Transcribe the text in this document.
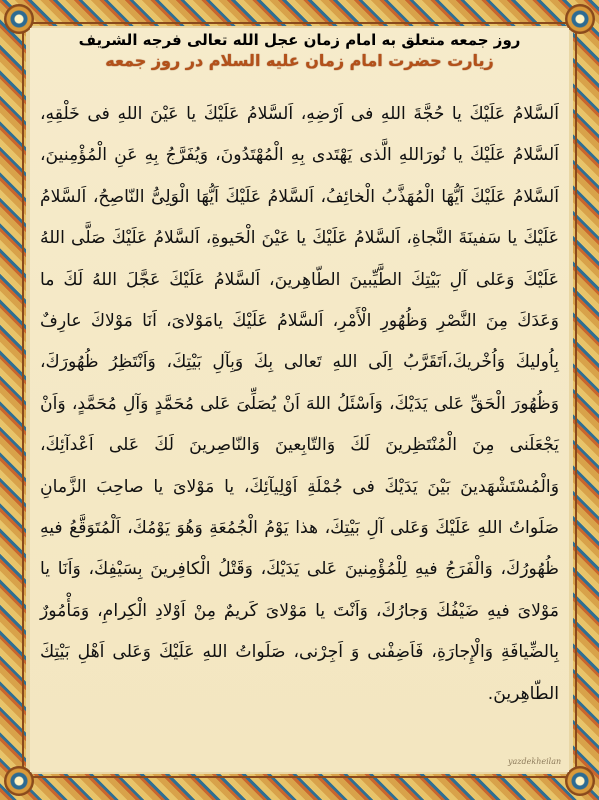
روز جمعه متعلق به امام زمان عجل الله تعالی فرجه الشریف
زیارت حضرت امام زمان علیه السلام در روز جمعه
اَلسَّلامُ عَلَيْكَ يا حُجَّةَ اللهِ فى اَرْضِهِ، اَلسَّلامُ عَلَيْكَ يا عَيْنَ اللهِ فى خَلْقِهِ، اَلسَّلامُ عَلَيْكَ يا نُورَاللهِ الَّذى يَهْتَدى بِهِ الْمُهْتَدُونَ، وَيُفَرَّجُ بِهِ عَنِ الْمُؤْمِنينَ، اَلسَّلامُ عَلَيْكَ اَيُّهَا الْمُهَذَّبُ الْخائِفُ، اَلسَّلامُ عَلَيْكَ اَيُّهَا الْوَلِىُّ النّاصِحُ، اَلسَّلامُ عَلَيْكَ يا سَفينَةَ النَّجاةِ، اَلسَّلامُ عَلَيْكَ يا عَيْنَ الْحَيوةِ، اَلسَّلامُ عَلَيْكَ صَلَّى اللهُ عَلَيْكَ وَعَلى آلِ بَيْتِكَ الطَّيِّبينَ الطّاهِرينَ، اَلسَّلامُ عَلَيْكَ عَجَّلَ اللهُ لَكَ ما وَعَدَكَ مِنَ النَّصْرِ وَظُهُورِ الْأَمْرِ، اَلسَّلامُ عَلَيْكَ يامَوْلاىَ، اَنَا مَوْلاكَ عارِفٌ بِاُولیكَ وَاُخْريكَ،اَتَقَرَّبُ اِلَى اللهِ تَعالى بِكَ وَبِآلِ بَيْتِكَ، وَاَنْتَظِرُ ظُهُورَكَ، وَظُهُورَ الْحَقِّ عَلى يَدَيْكَ، وَاَسْئَلُ اللهَ اَنْ يُصَلِّىَ عَلى مُحَمَّدٍ وَآلِ مُحَمَّدٍ، وَاَنْ يَجْعَلَنى مِنَ الْمُنْتَظِرينَ لَكَ وَالتّابِعينَ وَالنّاصِرينَ لَكَ عَلى اَعْدآئِكَ، وَالْمُسْتَشْهَدينَ بَيْنَ يَدَيْكَ فى جُمْلَةِ اَوْلِيآئِكَ، يا مَوْلاىَ يا صاحِبَ الزَّمانِ صَلَواتُ اللهِ عَلَيْكَ وَعَلى آلِ بَيْتِكَ، هذا يَوْمُ الْجُمُعَةِ وَهُوَ يَوْمُكَ، اَلْمُتَوَقَّعُ فيهِ ظُهُورُكَ، وَالْفَرَجُ فيهِ لِلْمُؤْمِنينَ عَلى يَدَيْكَ، وَقَتْلُ الْكافِرينَ بِسَيْفِكَ، وَاَنَا يا مَوْلاىَ فيهِ ضَيْفُكَ وَجارُكَ، وَاَنْتَ يا مَوْلاىَ كَريمٌ مِنْ اَوْلادِ الْكِرامِ، وَمَأْمُورٌ بِالضِّيافَةِ وَالْإِجارَةِ، فَاَضِفْنى وَ اَجِرْنى، صَلَواتُ اللهِ عَلَيْكَ وَعَلى اَهْلِ بَيْتِكَ الطّاهِرينَ.
yazdekheilan
